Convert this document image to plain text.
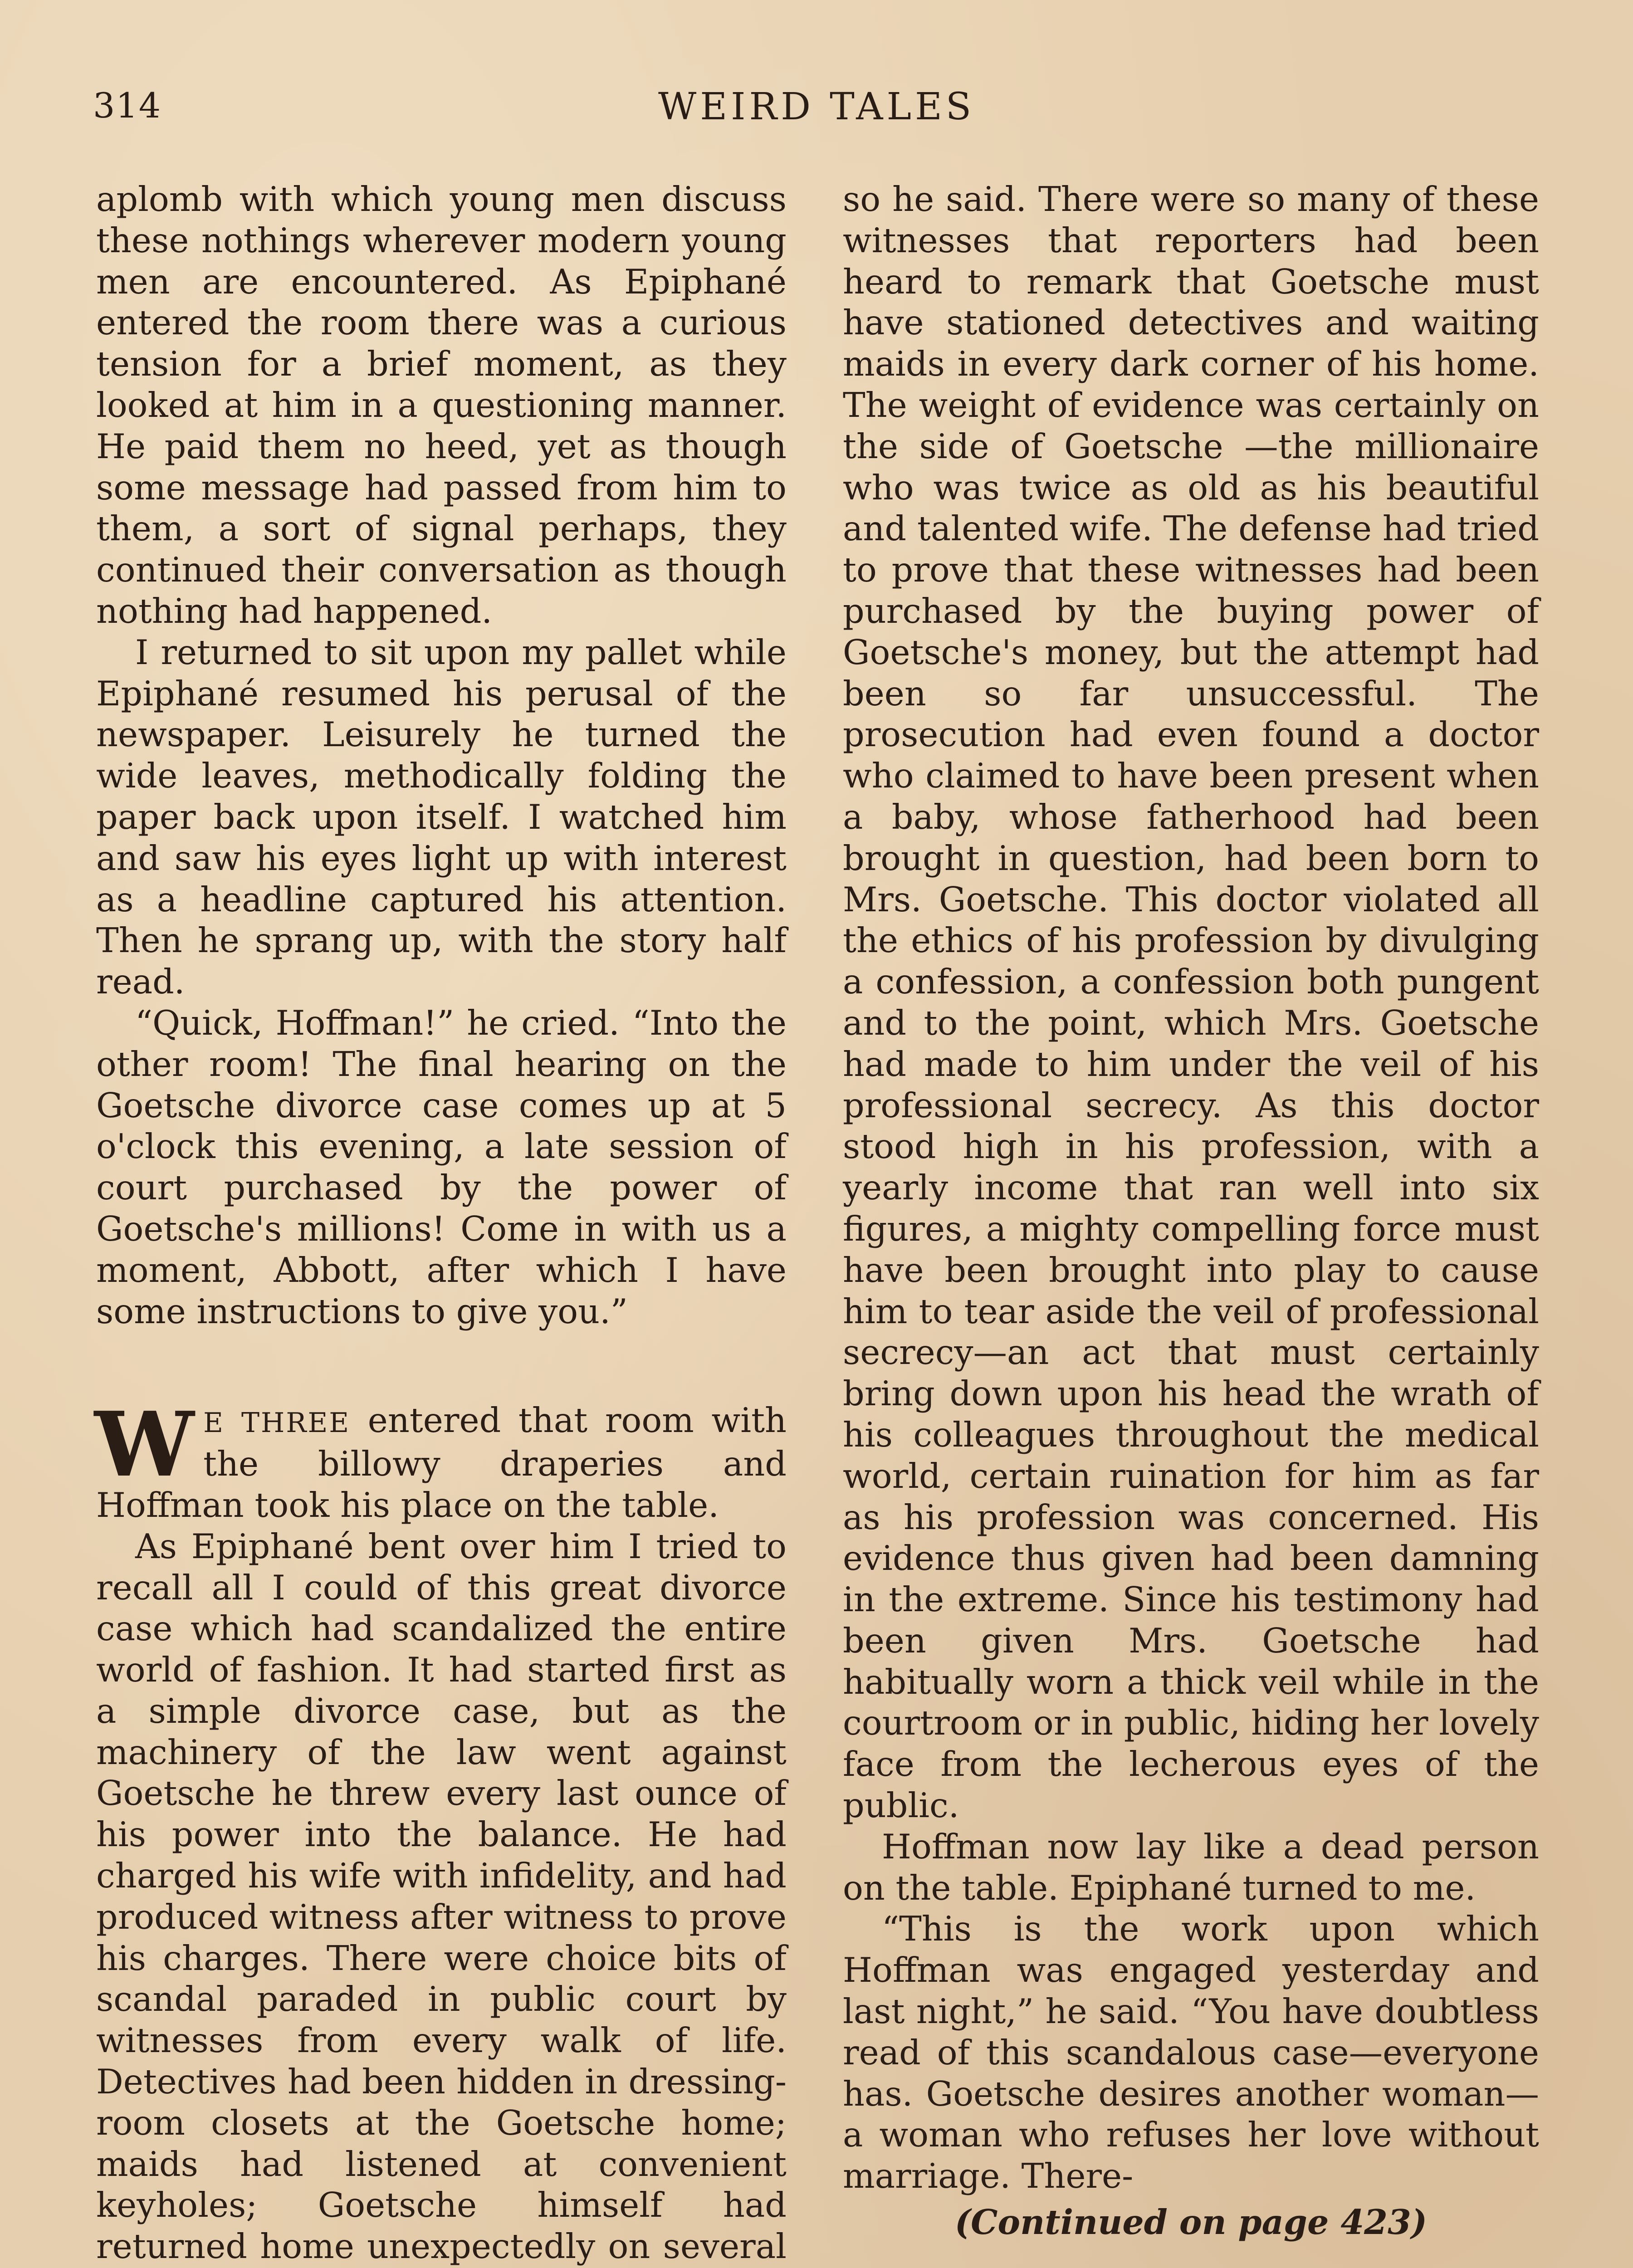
314	WEIRD TALES

aplomb with which young men discuss these nothings wherever modern young men are encountered. As Epiphané entered the room there was a curious tension for a brief moment, as they looked at him in a questioning manner. He paid them no heed, yet as though some message had passed from him to them, a sort of signal perhaps, they continued their conversation as though nothing had happened.

I returned to sit upon my pallet while Epiphané resumed his perusal of the newspaper. Leisurely he turned the wide leaves, methodically folding the paper back upon itself. I watched him and saw his eyes light up with interest as a headline captured his attention. Then he sprang up, with the story half read.

“Quick, Hoffman!” he cried. “Into the other room! The final hearing on the Goetsche divorce case comes up at 5 o'clock this evening, a late session of court purchased by the power of Goetsche's millions! Come in with us a moment, Abbott, after which I have some instructions to give you.”

W E THREE entered that room with the billowy draperies and Hoffman took his place on the table.

As Epiphané bent over him I tried to recall all I could of this great divorce case which had scandalized the entire world of fashion. It had started first as a simple divorce case, but as the machinery of the law went against Goetsche he threw every last ounce of his power into the balance. He had charged his wife with infidelity, and had produced witness after witness to prove his charges. There were choice bits of scandal paraded in public court by witnesses from every walk of life. Detectives had been hidden in dressing-room closets at the Goetsche home; maids had listened at convenient keyholes; Goetsche himself had returned home unexpectedly on several

so he said. There were so many of these witnesses that reporters had been heard to remark that Goetsche must have stationed detectives and waiting maids in every dark corner of his home. The weight of evidence was certainly on the side of Goetsche —the millionaire who was twice as old as his beautiful and talented wife. The defense had tried to prove that these witnesses had been purchased by the buying power of Goetsche's money, but the attempt had been so far unsuccessful. The prosecution had even found a doctor who claimed to have been present when a baby, whose fatherhood had been brought in question, had been born to Mrs. Goetsche. This doctor violated all the ethics of his profession by divulging a confession, a confession both pungent and to the point, which Mrs. Goetsche had made to him under the veil of his professional secrecy. As this doctor stood high in his profession, with a yearly income that ran well into six figures, a mighty compelling force must have been brought into play to cause him to tear aside the veil of professional secrecy—an act that must certainly bring down upon his head the wrath of his colleagues throughout the medical world, certain ruination for him as far as his profession was concerned. His evidence thus given had been damning in the extreme. Since his testimony had been given Mrs. Goetsche had habitually worn a thick veil while in the courtroom or in public, hiding her lovely face from the lecherous eyes of the public.

Hoffman now lay like a dead person on the table. Epiphané turned to me.

“This is the work upon which Hoffman was engaged yesterday and last night,” he said. “You have doubtless read of this scandalous case—everyone has. Goetsche desires another woman—a woman who refuses her love without marriage. There-

(Continued on page 423)
